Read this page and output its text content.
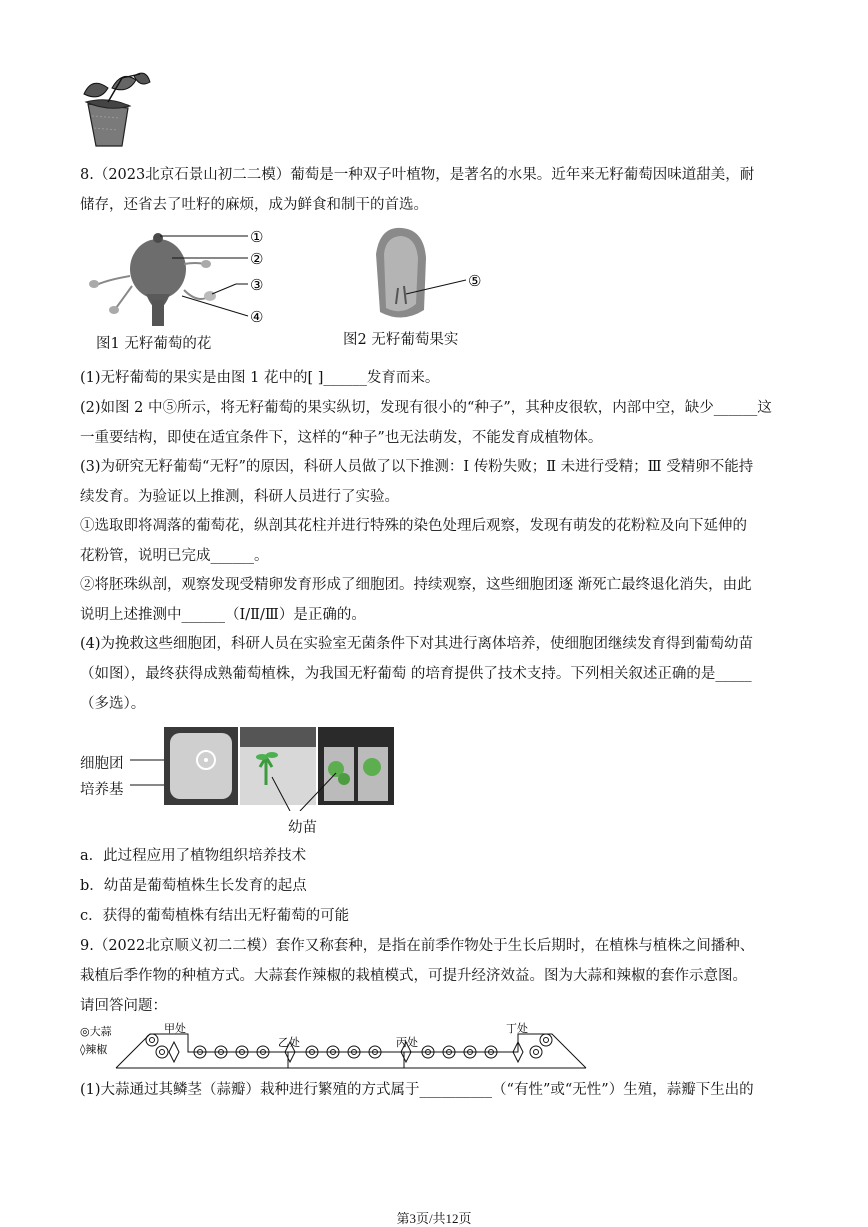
8.（2023北京石景山初二二模）葡萄是一种双子叶植物，是著名的水果。近年来无籽葡萄因味道甜美，耐
储存，还省去了吐籽的麻烦，成为鲜食和制干的首选。
①
②
③
④
图1 无籽葡萄的花
⑤
图2 无籽葡萄果实
(1)无籽葡萄的果实是由图 1 花中的[ ]______发育而来。
(2)如图 2 中⑤所示，将无籽葡萄的果实纵切，发现有很小的“种子”，其种皮很软，内部中空，缺少______这
一重要结构，即使在适宜条件下，这样的“种子”也无法萌发，不能发育成植物体。
(3)为研究无籽葡萄“无籽”的原因，科研人员做了以下推测：Ⅰ 传粉失败；Ⅱ 未进行受精；Ⅲ 受精卵不能持
续发育。为验证以上推测，科研人员进行了实验。
①选取即将凋落的葡萄花，纵剖其花柱并进行特殊的染色处理后观察，发现有萌发的花粉粒及向下延伸的
花粉管，说明已完成______。
②将胚珠纵剖，观察发现受精卵发育形成了细胞团。持续观察，这些细胞团逐 渐死亡最终退化消失，由此
说明上述推测中______（Ⅰ/Ⅱ/Ⅲ）是正确的。
(4)为挽救这些细胞团，科研人员在实验室无菌条件下对其进行离体培养，使细胞团继续发育得到葡萄幼苗
（如图），最终获得成熟葡萄植株，为我国无籽葡萄 的培育提供了技术支持。下列相关叙述正确的是_____
（多选）。
细胞团
培养基
幼苗
a．此过程应用了植物组织培养技术
b．幼苗是葡萄植株生长发育的起点
c．获得的葡萄植株有结出无籽葡萄的可能
9.（2022北京顺义初二二模）套作又称套种，是指在前季作物处于生长后期时，在植株与植株之间播种、
栽植后季作物的种植方式。大蒜套作辣椒的栽植模式，可提升经济效益。图为大蒜和辣椒的套作示意图。
请回答问题：
◎大蒜
◊辣椒
甲处
乙处	丙处
丁处
(1)大蒜通过其鳞茎（蒜瓣）栽种进行繁殖的方式属于__________（“有性”或“无性”）生殖，蒜瓣下生出的
第3页/共12页
